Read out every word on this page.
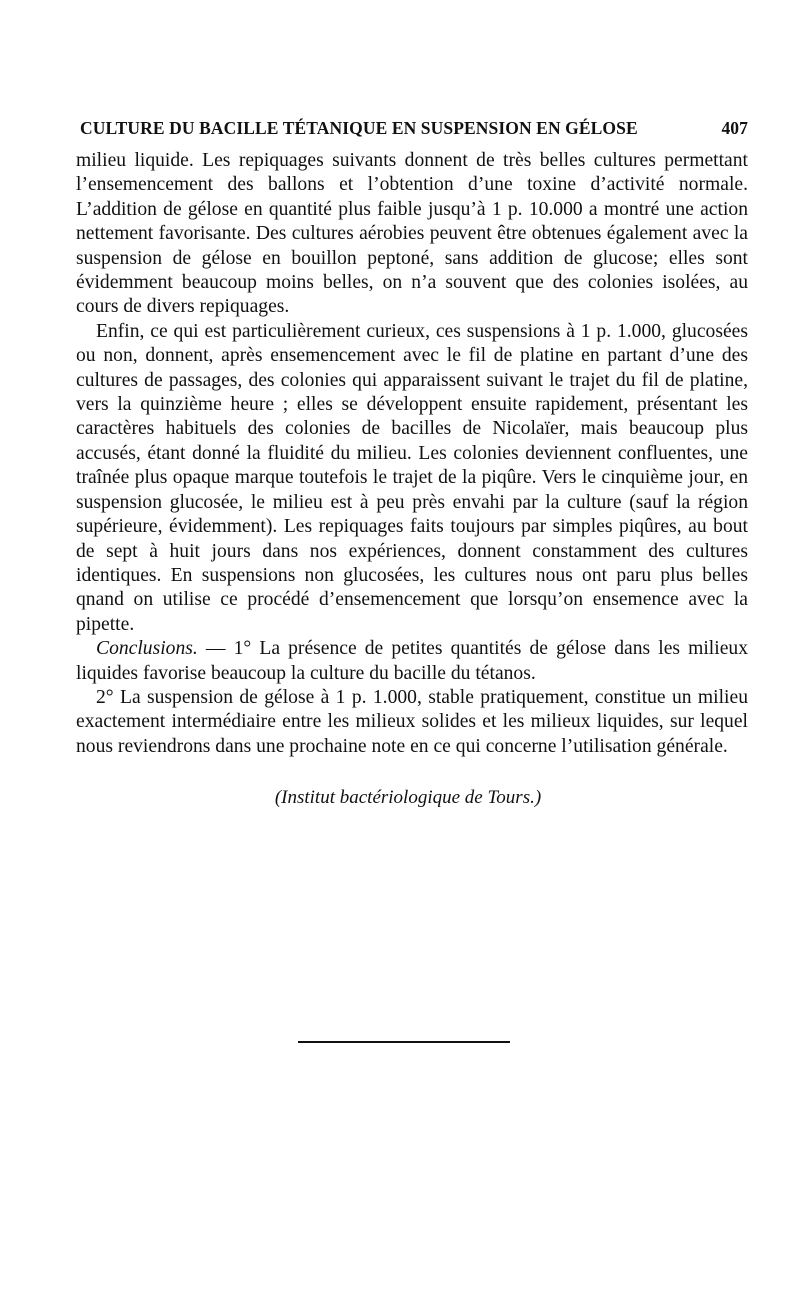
CULTURE DU BACILLE TÉTANIQUE EN SUSPENSION EN GÉLOSE	407

milieu liquide. Les repiquages suivants donnent de très belles cultures permettant l’ensemencement des ballons et l’obtention d’une toxine d’activité normale. L’addition de gélose en quantité plus faible jusqu’à 1 p. 10.000 a montré une action nettement favorisante. Des cultures aérobies peuvent être obtenues également avec la suspension de gélose en bouillon peptoné, sans addition de glucose; elles sont évidemment beaucoup moins belles, on n’a souvent que des colonies isolées, au cours de divers repiquages.

Enfin, ce qui est particulièrement curieux, ces suspensions à 1 p. 1.000, glucosées ou non, donnent, après ensemencement avec le fil de platine en partant d’une des cultures de passages, des colonies qui apparaissent suivant le trajet du fil de platine, vers la quinzième heure ; elles se développent ensuite rapidement, présentant les caractères habituels des colonies de bacilles de Nicolaïer, mais beaucoup plus accusés, étant donné la fluidité du milieu. Les colonies deviennent confluentes, une traînée plus opaque marque toutefois le trajet de la piqûre. Vers le cinquième jour, en suspension glucosée, le milieu est à peu près envahi par la culture (sauf la région supérieure, évidemment). Les repiquages faits toujours par simples piqûres, au bout de sept à huit jours dans nos expériences, donnent constamment des cultures identiques. En suspensions non glucosées, les cultures nous ont paru plus belles qnand on utilise ce procédé d’ensemencement que lorsqu’on ensemence avec la pipette.

Conclusions. — 1° La présence de petites quantités de gélose dans les milieux liquides favorise beaucoup la culture du bacille du tétanos.

2° La suspension de gélose à 1 p. 1.000, stable pratiquement, constitue un milieu exactement intermédiaire entre les milieux solides et les milieux liquides, sur lequel nous reviendrons dans une prochaine note en ce qui concerne l’utilisation générale.

(Institut bactériologique de Tours.)
